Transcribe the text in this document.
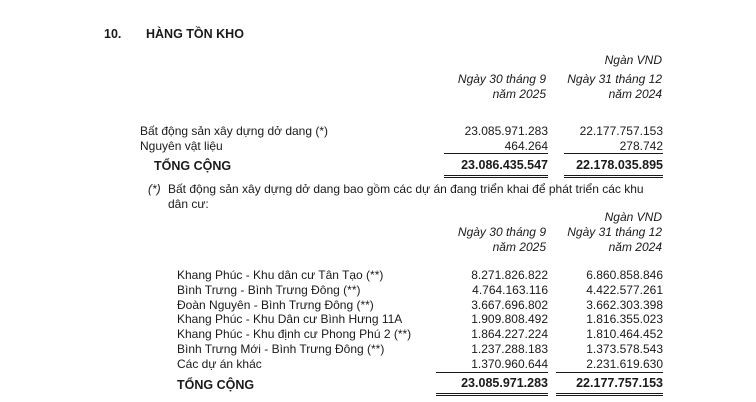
10. HÀNG TỒN KHO
Ngàn VND
Ngày 30 tháng 9	Ngày 31 tháng 12
năm 2025	năm 2024
Bất động sản xây dựng dở dang (*)	23.085.971.283	22.177.757.153
Nguyên vật liệu	464.264	278.742
TỔNG CỘNG	23.086.435.547	22.178.035.895
(*) Bất động sản xây dựng dở dang bao gồm các dự án đang triển khai để phát triển các khu
dân cư:
Ngàn VND
Ngày 30 tháng 9	Ngày 31 tháng 12
năm 2025	năm 2024
Khang Phúc - Khu dân cư Tân Tạo (**)	8.271.826.822	6.860.858.846
Bình Trưng - Bình Trưng Đông (**)	4.764.163.116	4.422.577.261
Đoàn Nguyên - Bình Trưng Đông (**)	3.667.696.802	3.662.303.398
Khang Phúc - Khu Dân cư Bình Hưng 11A	1.909.808.492	1.816.355.023
Khang Phúc - Khu định cư Phong Phú 2 (**)	1.864.227.224	1.810.464.452
Bình Trưng Mới - Bình Trưng Đông (**)	1.237.288.183	1.373.578.543
Các dự án khác	1.370.960.644	2.231.619.630
TỔNG CỘNG	23.085.971.283	22.177.757.153
